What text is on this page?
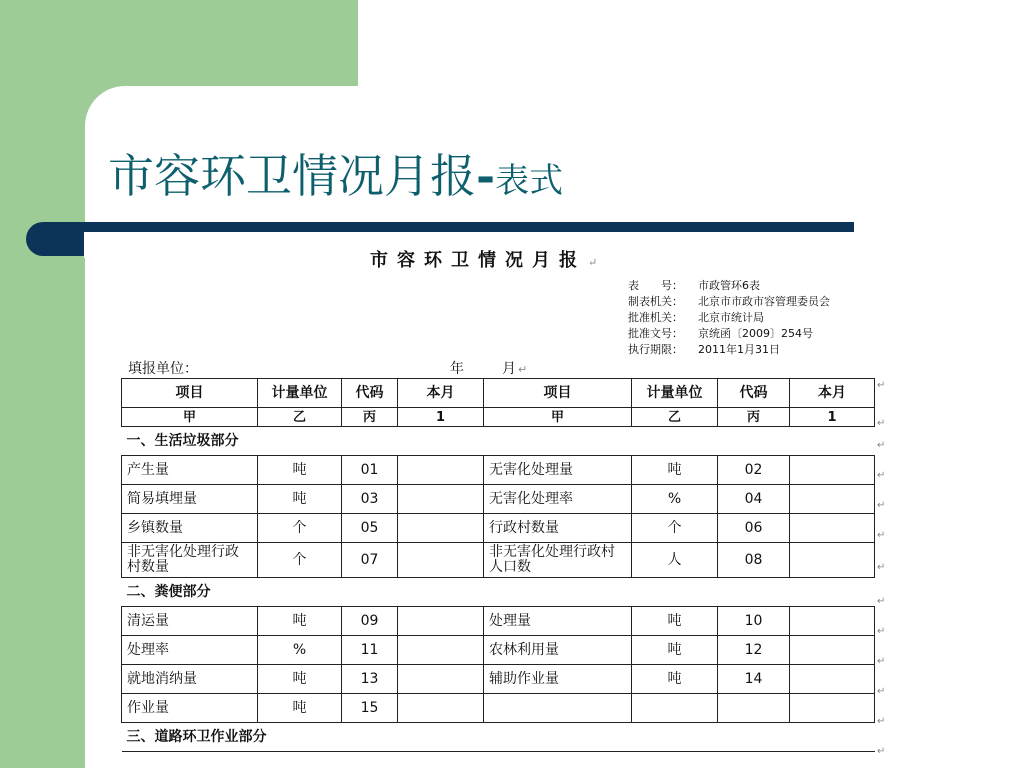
市容环卫情况月报-表式
市容环卫情况月报 ↵
表　　号： 市政管环6表
制表机关： 北京市市政市容管理委员会
批准机关： 北京市统计局
批准文号： 京统函〔2009〕254号
执行期限： 2011年1月31日
填报单位：	年	月 ↵
项目	计量单位	代码	本月	项目	计量单位	代码	本月
甲	乙	丙	1	甲	乙	丙	1
一、生活垃圾部分							
产生量	吨	01		无害化处理量	吨	02	
简易填埋量	吨	03		无害化处理率	%	04	
乡镇数量	个	05		行政村数量	个	06	
非无害化处理行政村数量	个	07		非无害化处理行政村人口数	人	08	
二、粪便部分							
清运量	吨	09		处理量	吨	10	
处理率	%	11		农林利用量	吨	12	
就地消纳量	吨	13		辅助作业量	吨	14	
作业量	吨	15					
三、道路环卫作业部分							
↵
↵
↵
↵
↵
↵
↵
↵
↵
↵
↵
↵
↵
